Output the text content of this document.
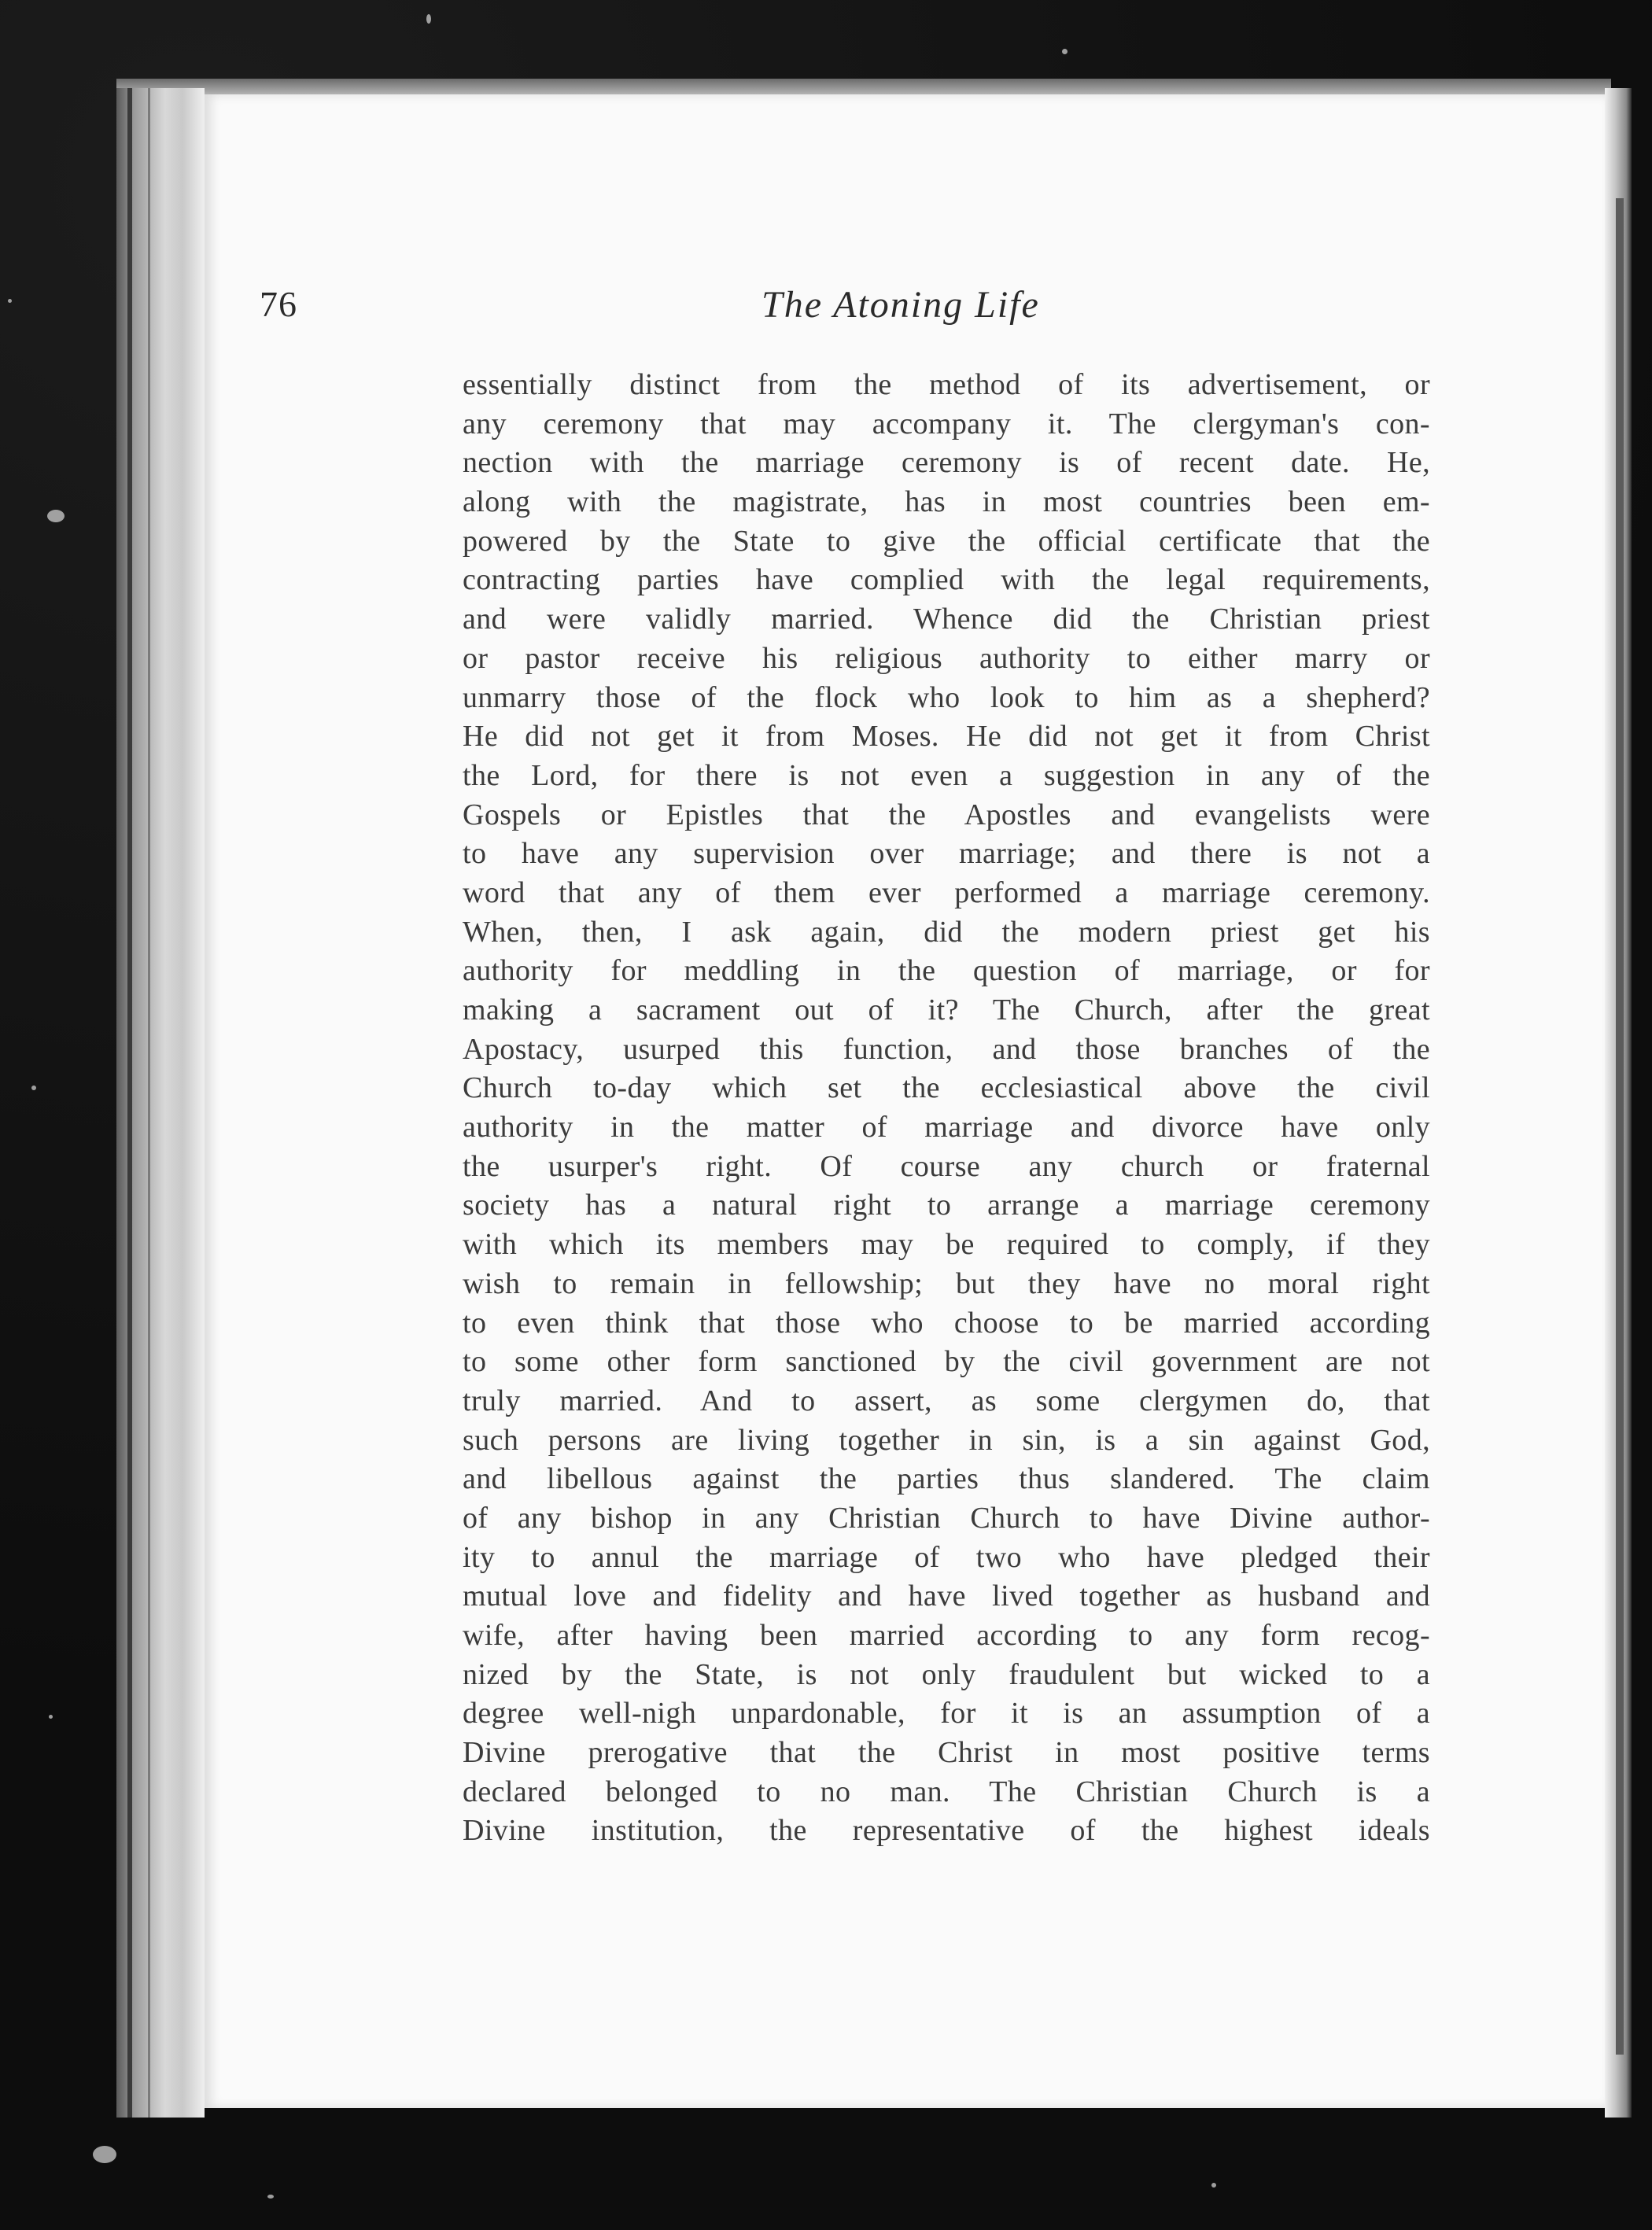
76	The Atoning Life
essentially distinct from the method of its advertisement, or
any ceremony that may accompany it. The clergyman's con-
nection with the marriage ceremony is of recent date. He,
along with the magistrate, has in most countries been em-
powered by the State to give the official certificate that the
contracting parties have complied with the legal requirements,
and were validly married. Whence did the Christian priest
or pastor receive his religious authority to either marry or
unmarry those of the flock who look to him as a shepherd?
He did not get it from Moses. He did not get it from Christ
the Lord, for there is not even a suggestion in any of the
Gospels or Epistles that the Apostles and evangelists were
to have any supervision over marriage; and there is not a
word that any of them ever performed a marriage ceremony.
When, then, I ask again, did the modern priest get his
authority for meddling in the question of marriage, or for
making a sacrament out of it? The Church, after the great
Apostacy, usurped this function, and those branches of the
Church to-day which set the ecclesiastical above the civil
authority in the matter of marriage and divorce have only
the usurper's right. Of course any church or fraternal
society has a natural right to arrange a marriage ceremony
with which its members may be required to comply, if they
wish to remain in fellowship; but they have no moral right
to even think that those who choose to be married according
to some other form sanctioned by the civil government are not
truly married. And to assert, as some clergymen do, that
such persons are living together in sin, is a sin against God,
and libellous against the parties thus slandered. The claim
of any bishop in any Christian Church to have Divine author-
ity to annul the marriage of two who have pledged their
mutual love and fidelity and have lived together as husband and
wife, after having been married according to any form recog-
nized by the State, is not only fraudulent but wicked to a
degree well-nigh unpardonable, for it is an assumption of a
Divine prerogative that the Christ in most positive terms
declared belonged to no man. The Christian Church is a
Divine institution, the representative of the highest ideals
